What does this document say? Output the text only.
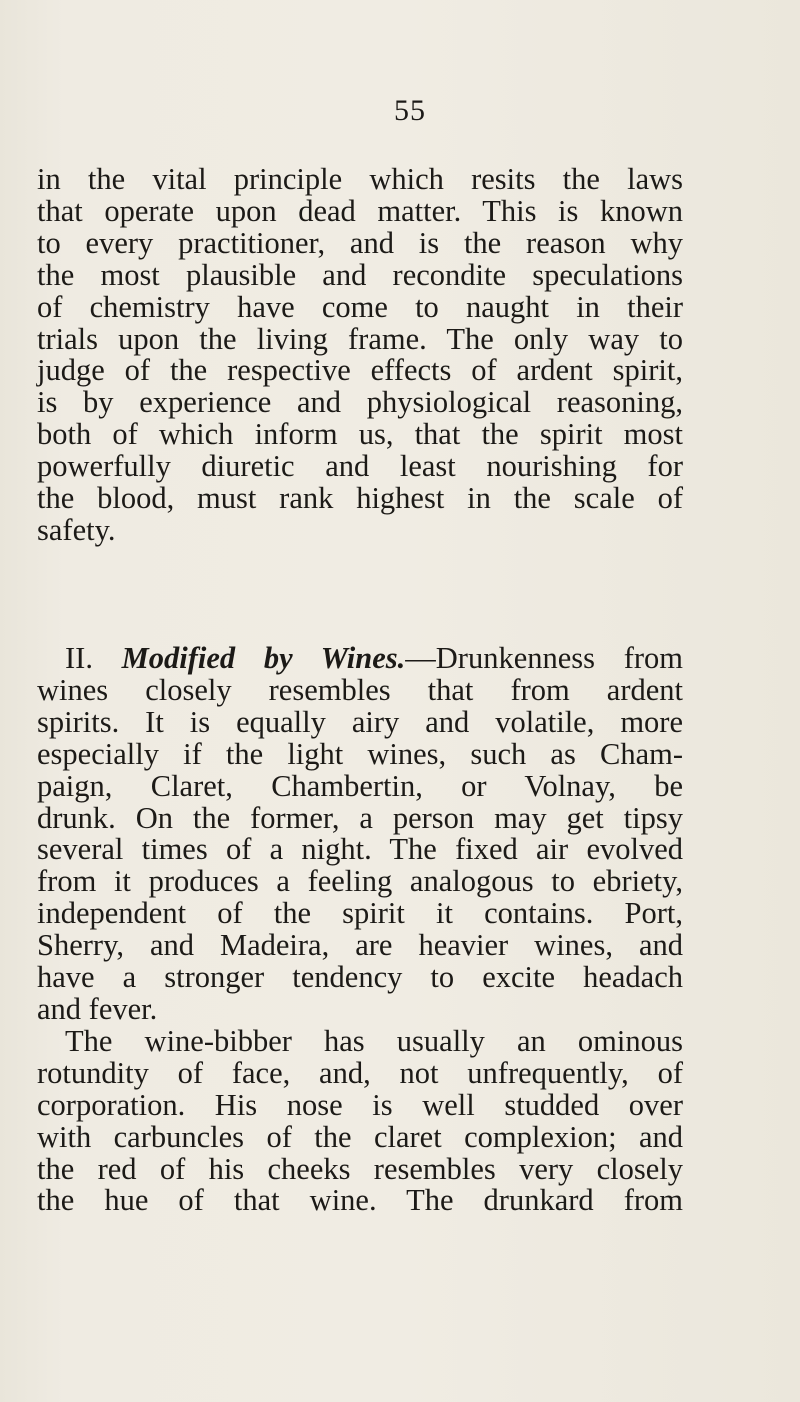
55
in the vital principle which resits the laws
that operate upon dead matter. This is known
to every practitioner, and is the reason why
the most plausible and recondite speculations
of chemistry have come to naught in their
trials upon the living frame. The only way to
judge of the respective effects of ardent spirit,
is by experience and physiological reasoning,
both of which inform us, that the spirit most
powerfully diuretic and least nourishing for
the blood, must rank highest in the scale of
safety.
II. Modified by Wines.—Drunkenness from
wines closely resembles that from ardent
spirits. It is equally airy and volatile, more
especially if the light wines, such as Cham-
paign, Claret, Chambertin, or Volnay, be
drunk. On the former, a person may get tipsy
several times of a night. The fixed air evolved
from it produces a feeling analogous to ebriety,
independent of the spirit it contains. Port,
Sherry, and Madeira, are heavier wines, and
have a stronger tendency to excite headach
and fever.
The wine-bibber has usually an ominous
rotundity of face, and, not unfrequently, of
corporation. His nose is well studded over
with carbuncles of the claret complexion; and
the red of his cheeks resembles very closely
the hue of that wine. The drunkard from
